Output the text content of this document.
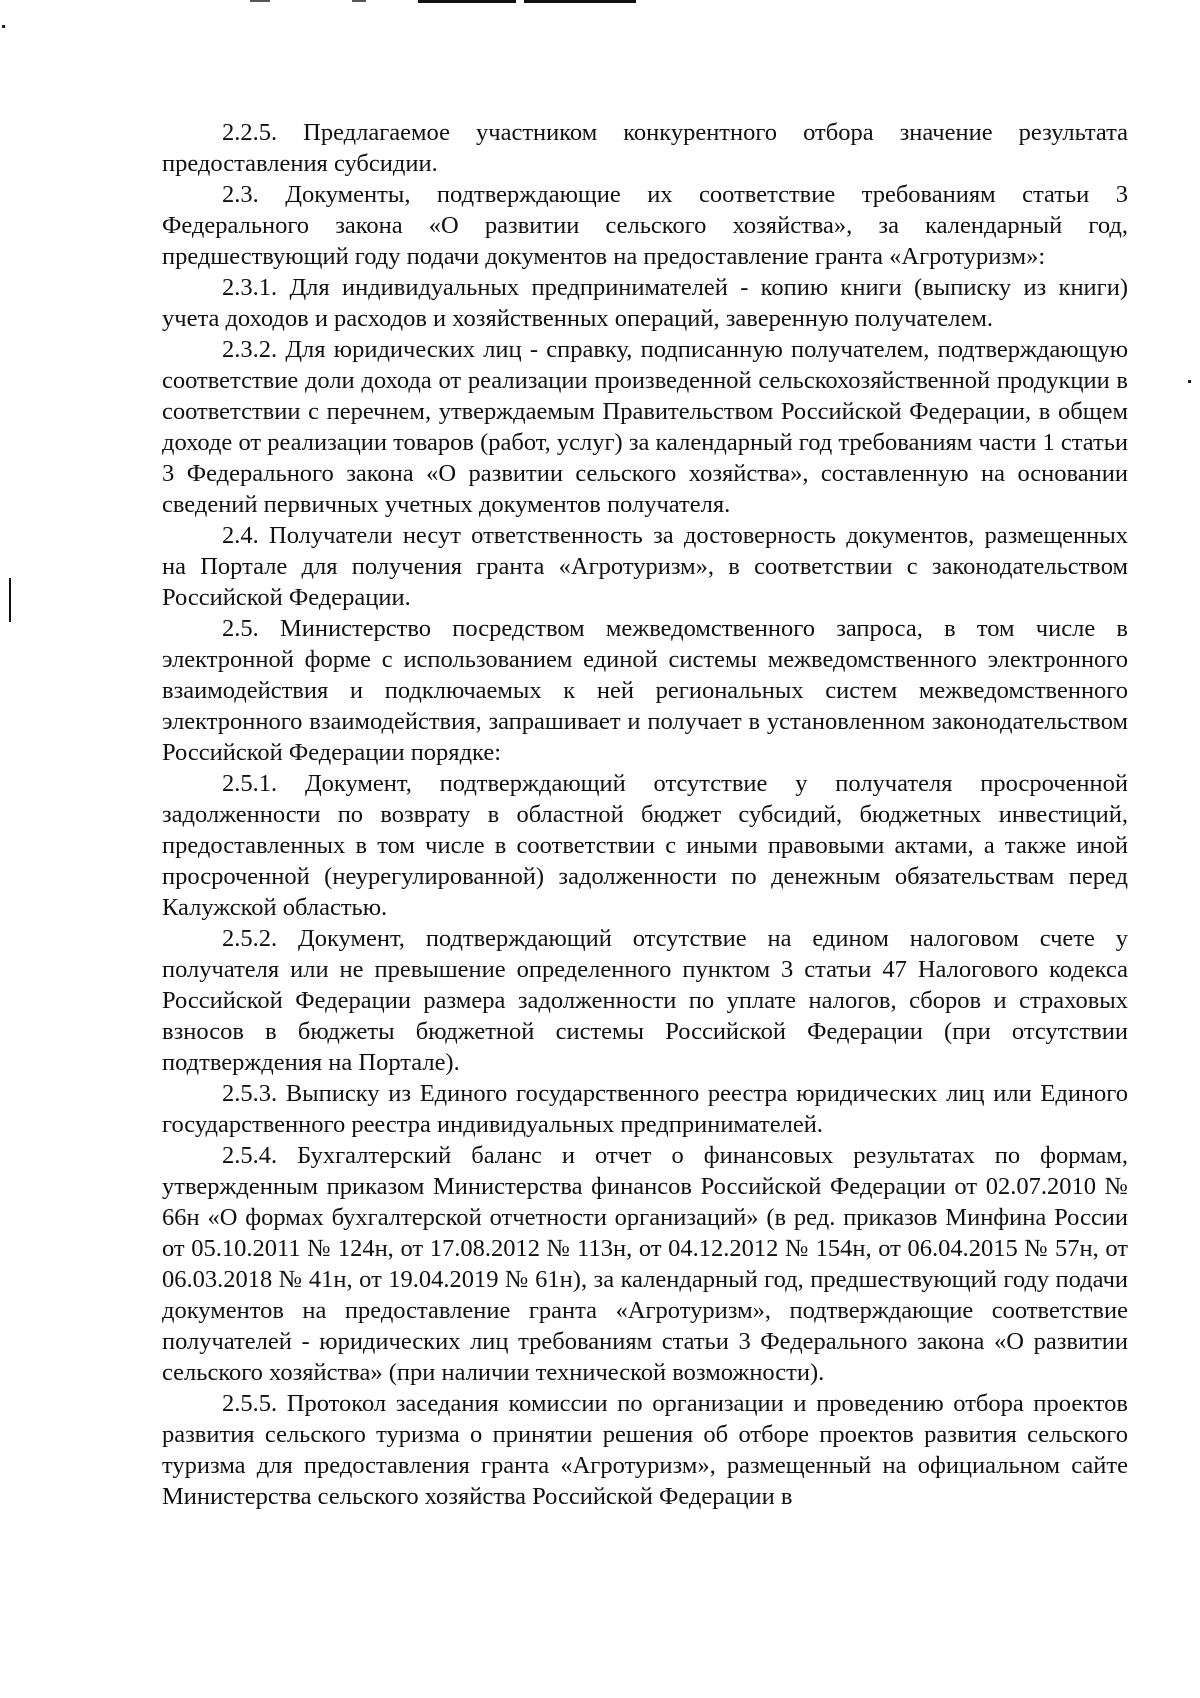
2.2.5. Предлагаемое участником конкурентного отбора значение результата предоставления субсидии.

2.3. Документы, подтверждающие их соответствие требованиям статьи 3 Федерального закона «О развитии сельского хозяйства», за календарный год, предшествующий году подачи документов на предоставление гранта «Агротуризм»:

2.3.1. Для индивидуальных предпринимателей - копию книги (выписку из книги) учета доходов и расходов и хозяйственных операций, заверенную получателем.

2.3.2. Для юридических лиц - справку, подписанную получателем, подтверждающую соответствие доли дохода от реализации произведенной сельскохозяйственной продукции в соответствии с перечнем, утверждаемым Правительством Российской Федерации, в общем доходе от реализации товаров (работ, услуг) за календарный год требованиям части 1 статьи 3 Федерального закона «О развитии сельского хозяйства», составленную на основании сведений первичных учетных документов получателя.

2.4. Получатели несут ответственность за достоверность документов, размещенных на Портале для получения гранта «Агротуризм», в соответствии с законодательством Российской Федерации.

2.5. Министерство посредством межведомственного запроса, в том числе в электронной форме с использованием единой системы межведомственного электронного взаимодействия и подключаемых к ней региональных систем межведомственного электронного взаимодействия, запрашивает и получает в установленном законодательством Российской Федерации порядке:

2.5.1. Документ, подтверждающий отсутствие у получателя просроченной задолженности по возврату в областной бюджет субсидий, бюджетных инвестиций, предоставленных в том числе в соответствии с иными правовыми актами, а также иной просроченной (неурегулированной) задолженности по денежным обязательствам перед Калужской областью.

2.5.2. Документ, подтверждающий отсутствие на едином налоговом счете у получателя или не превышение определенного пунктом 3 статьи 47 Налогового кодекса Российской Федерации размера задолженности по уплате налогов, сборов и страховых взносов в бюджеты бюджетной системы Российской Федерации (при отсутствии подтверждения на Портале).

2.5.3. Выписку из Единого государственного реестра юридических лиц или Единого государственного реестра индивидуальных предпринимателей.

2.5.4. Бухгалтерский баланс и отчет о финансовых результатах по формам, утвержденным приказом Министерства финансов Российской Федерации от 02.07.2010 № 66н «О формах бухгалтерской отчетности организаций» (в ред. приказов Минфина России от 05.10.2011 № 124н, от 17.08.2012 № 113н, от 04.12.2012 № 154н, от 06.04.2015 № 57н, от 06.03.2018 № 41н, от 19.04.2019 № 61н), за календарный год, предшествующий году подачи документов на предоставление гранта «Агротуризм», подтверждающие соответствие получателей - юридических лиц требованиям статьи 3 Федерального закона «О развитии сельского хозяйства» (при наличии технической возможности).

2.5.5. Протокол заседания комиссии по организации и проведению отбора проектов развития сельского туризма о принятии решения об отборе проектов развития сельского туризма для предоставления гранта «Агротуризм», размещенный на официальном сайте Министерства сельского хозяйства Российской Федерации в
